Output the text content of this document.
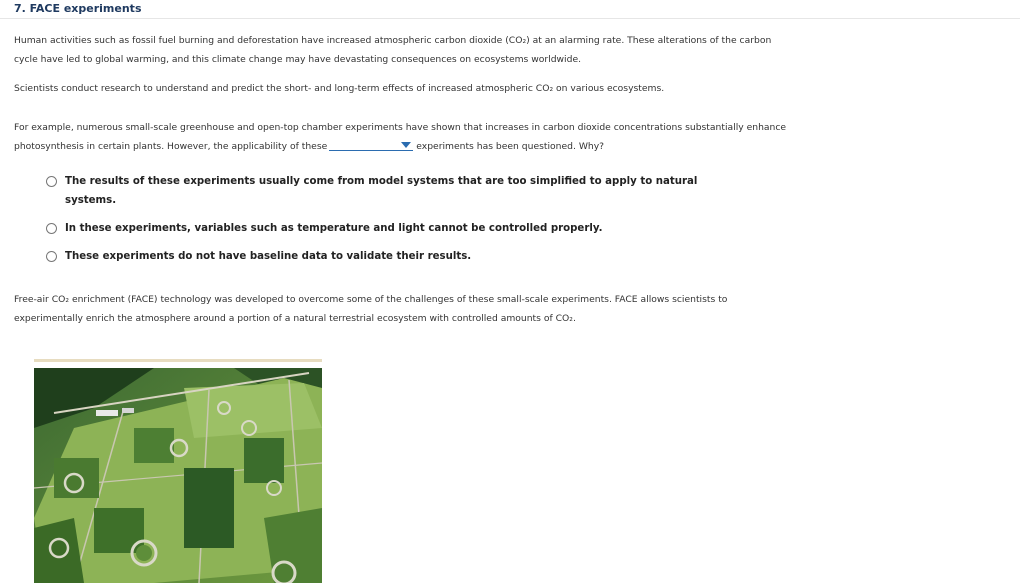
7. FACE experiments
Human activities such as fossil fuel burning and deforestation have increased atmospheric carbon dioxide (CO₂) at an alarming rate. These alterations of the carbon cycle have led to global warming, and this climate change may have devastating consequences on ecosystems worldwide.
Scientists conduct research to understand and predict the short- and long-term effects of increased atmospheric CO₂ on various ecosystems.
For example, numerous small-scale greenhouse and open-top chamber experiments have shown that increases in carbon dioxide concentrations substantially enhance photosynthesis in certain plants. However, the applicability of these	experiments has been questioned. Why?
The results of these experiments usually come from model systems that are too simplified to apply to natural systems.
In these experiments, variables such as temperature and light cannot be controlled properly.
These experiments do not have baseline data to validate their results.
Free-air CO₂ enrichment (FACE) technology was developed to overcome some of the challenges of these small-scale experiments. FACE allows scientists to experimentally enrich the atmosphere around a portion of a natural terrestrial ecosystem with controlled amounts of CO₂.
